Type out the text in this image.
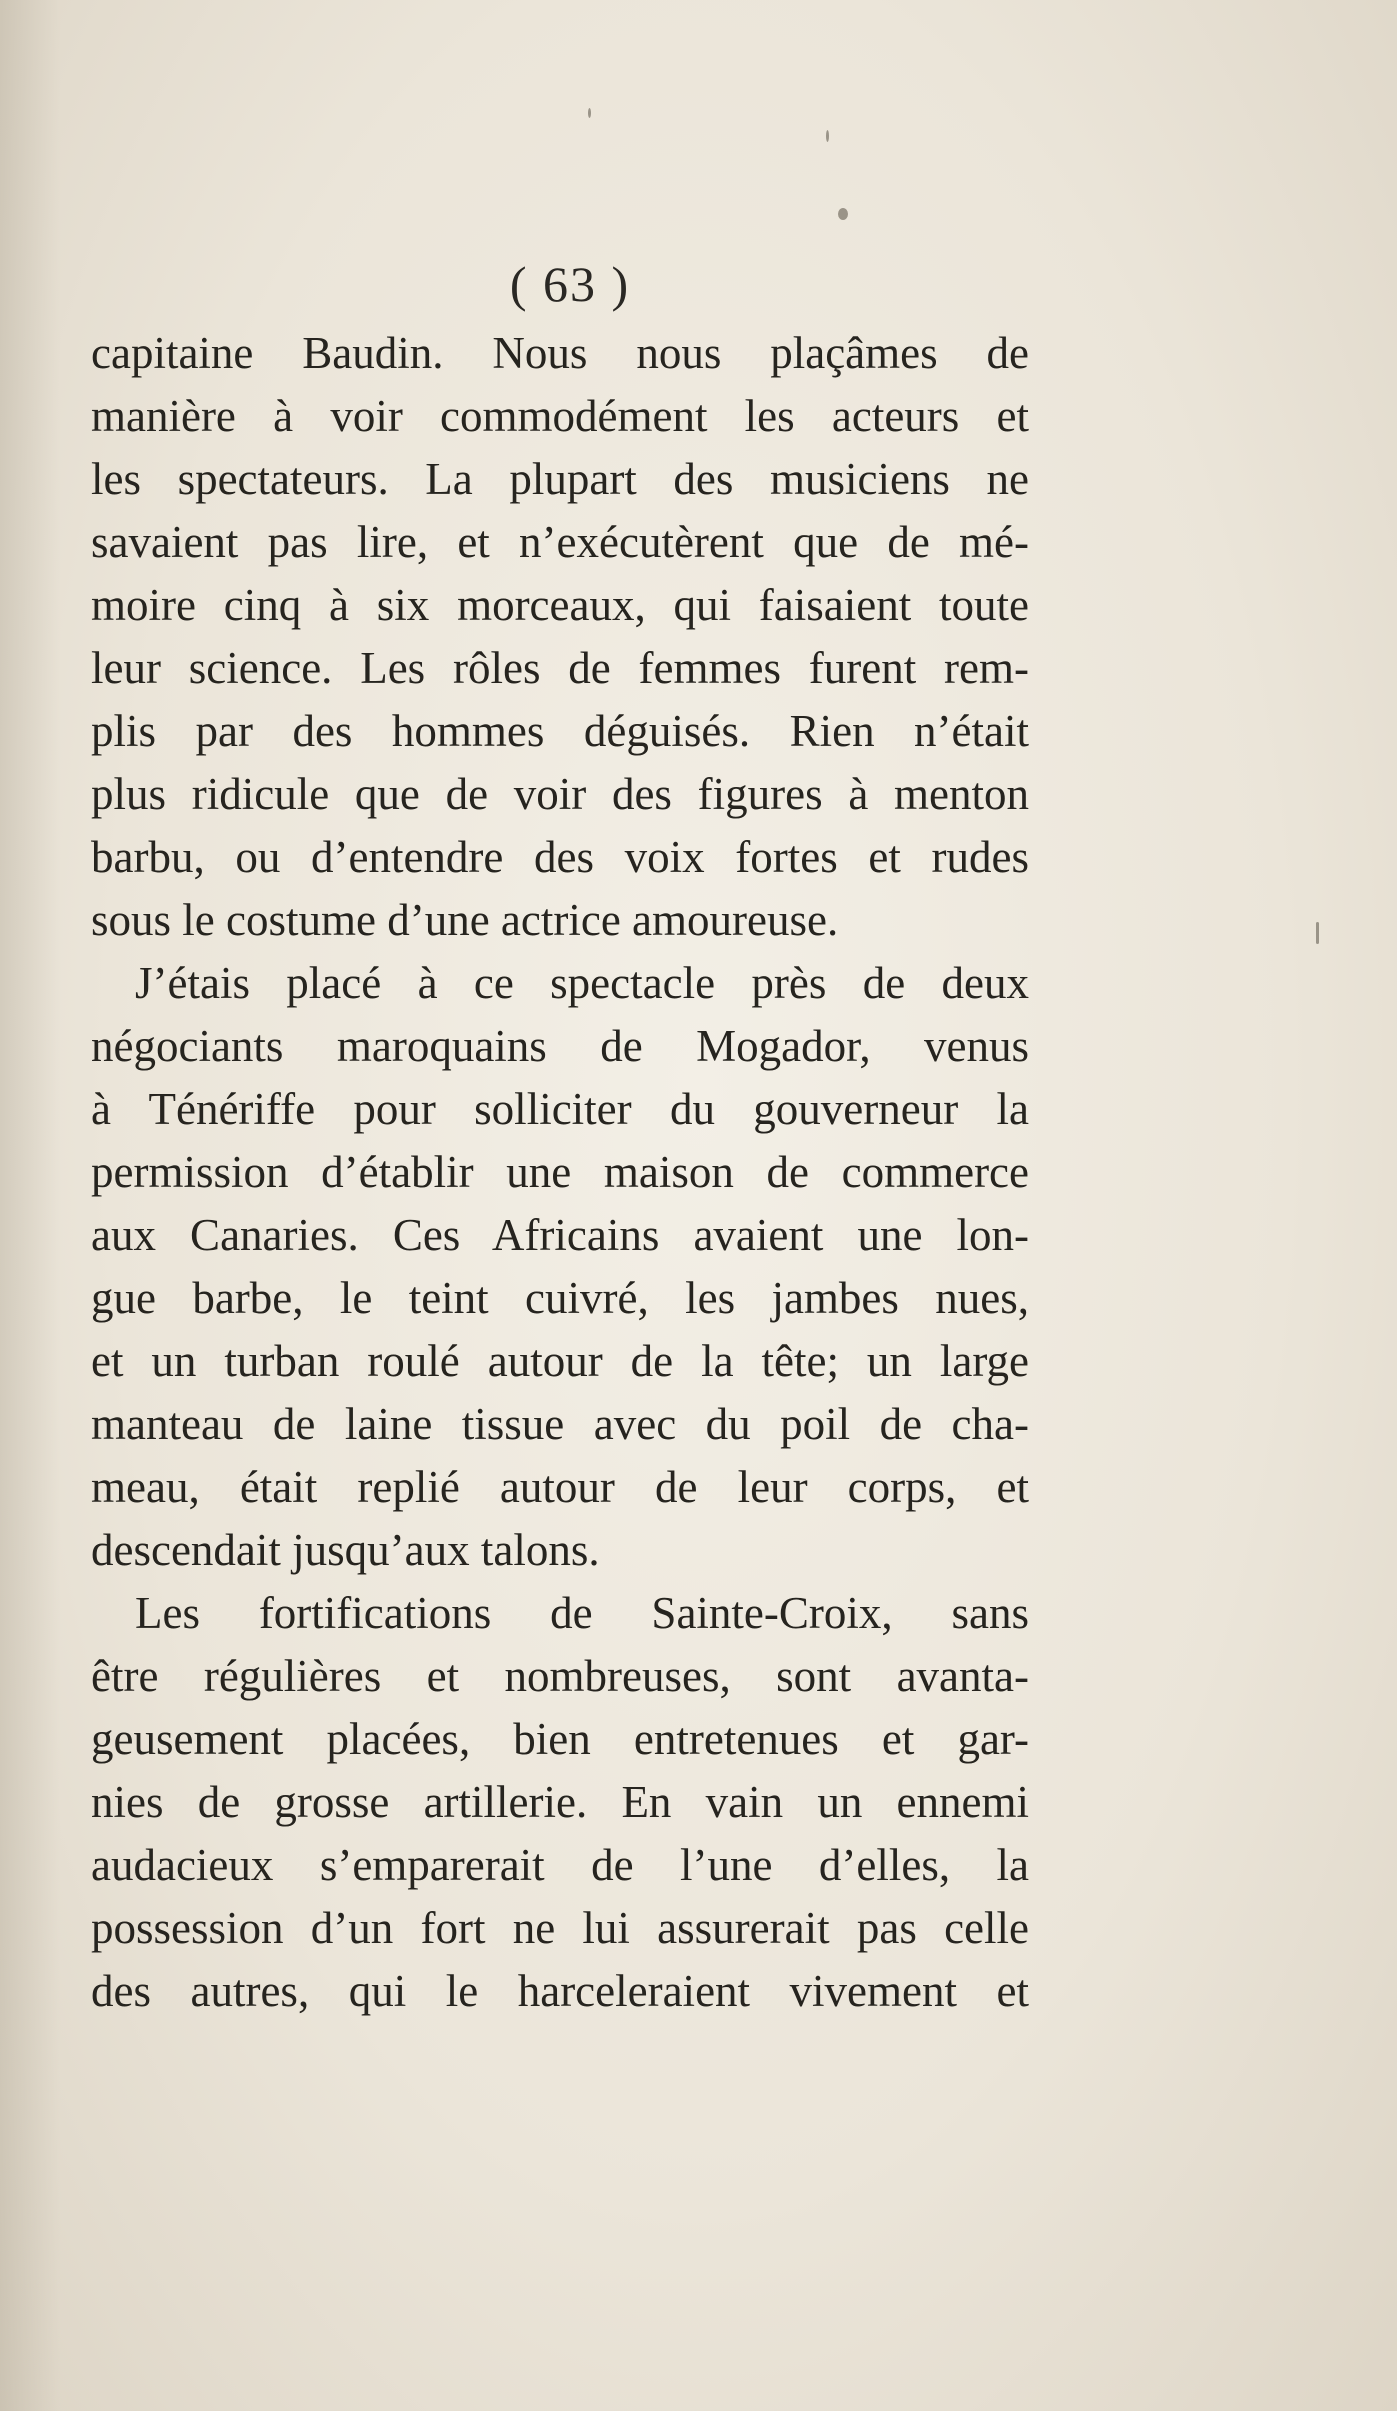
( 63 )
capitaine Baudin. Nous nous plaçâmes de
manière à voir commodément les acteurs et
les spectateurs. La plupart des musiciens ne
savaient pas lire, et n’exécutèrent que de mé-
moire cinq à six morceaux, qui faisaient toute
leur science. Les rôles de femmes furent rem-
plis par des hommes déguisés. Rien n’était
plus ridicule que de voir des figures à menton
barbu, ou d’entendre des voix fortes et rudes
sous le costume d’une actrice amoureuse.
J’étais placé à ce spectacle près de deux
négociants maroquains de Mogador, venus
à Ténériffe pour solliciter du gouverneur la
permission d’établir une maison de commerce
aux Canaries. Ces Africains avaient une lon-
gue barbe, le teint cuivré, les jambes nues,
et un turban roulé autour de la tête; un large
manteau de laine tissue avec du poil de cha-
meau, était replié autour de leur corps, et
descendait jusqu’aux talons.
Les fortifications de Sainte-Croix, sans
être régulières et nombreuses, sont avanta-
geusement placées, bien entretenues et gar-
nies de grosse artillerie. En vain un ennemi
audacieux s’emparerait de l’une d’elles, la
possession d’un fort ne lui assurerait pas celle
des autres, qui le harceleraient vivement et
